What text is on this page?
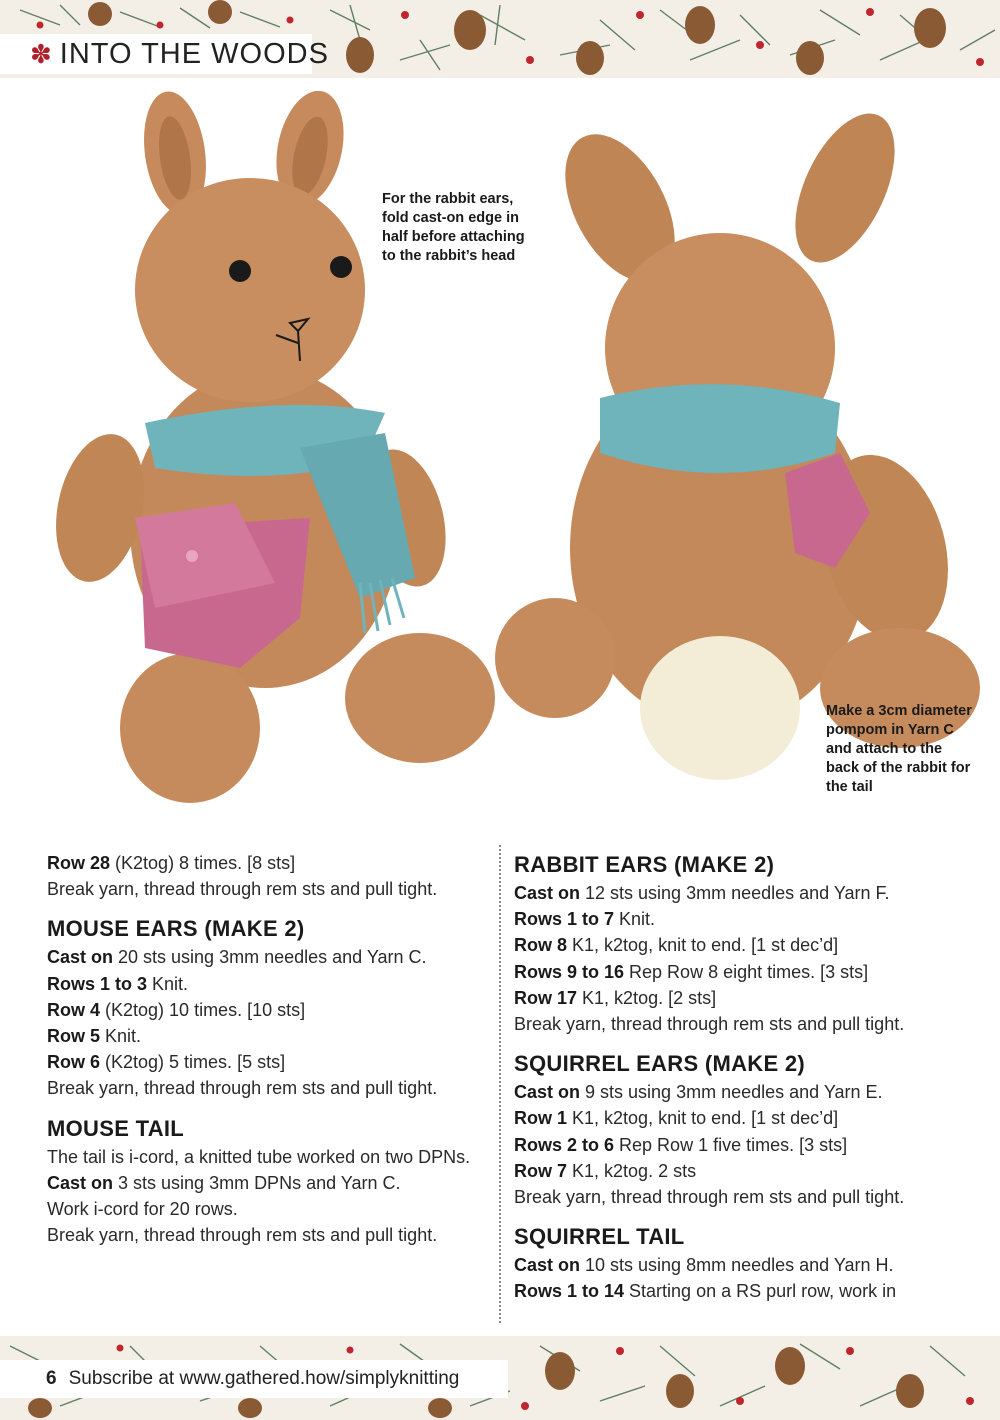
✽ INTO THE WOODS
For the rabbit ears, fold cast-on edge in half before attaching to the rabbit’s head
Make a 3cm diameter pompom in Yarn C and attach to the back of the rabbit for the tail

Row 28 (K2tog) 8 times. [8 sts]

Break yarn, thread through rem sts and pull tight.

MOUSE EARS (MAKE 2)

Cast on 20 sts using 3mm needles and Yarn C.

Rows 1 to 3 Knit.

Row 4 (K2tog) 10 times. [10 sts]

Row 5 Knit.

Row 6 (K2tog) 5 times. [5 sts]

Break yarn, thread through rem sts and pull tight.

MOUSE TAIL

The tail is i-cord, a knitted tube worked on two DPNs.

Cast on 3 sts using 3mm DPNs and Yarn C.

Work i-cord for 20 rows.

Break yarn, thread through rem sts and pull tight.

RABBIT EARS (MAKE 2)

Cast on 12 sts using 3mm needles and Yarn F.

Rows 1 to 7 Knit.

Row 8 K1, k2tog, knit to end. [1 st dec’d]

Rows 9 to 16 Rep Row 8 eight times. [3 sts]

Row 17 K1, k2tog. [2 sts]

Break yarn, thread through rem sts and pull tight.

SQUIRREL EARS (MAKE 2)

Cast on 9 sts using 3mm needles and Yarn E.

Row 1 K1, k2tog, knit to end. [1 st dec’d]

Rows 2 to 6 Rep Row 1 five times. [3 sts]

Row 7 K1, k2tog. 2 sts

Break yarn, thread through rem sts and pull tight.

SQUIRREL TAIL

Cast on 10 sts using 8mm needles and Yarn H.

Rows 1 to 14 Starting on a RS purl row, work in

6 Subscribe at www.gathered.how/simplyknitting
